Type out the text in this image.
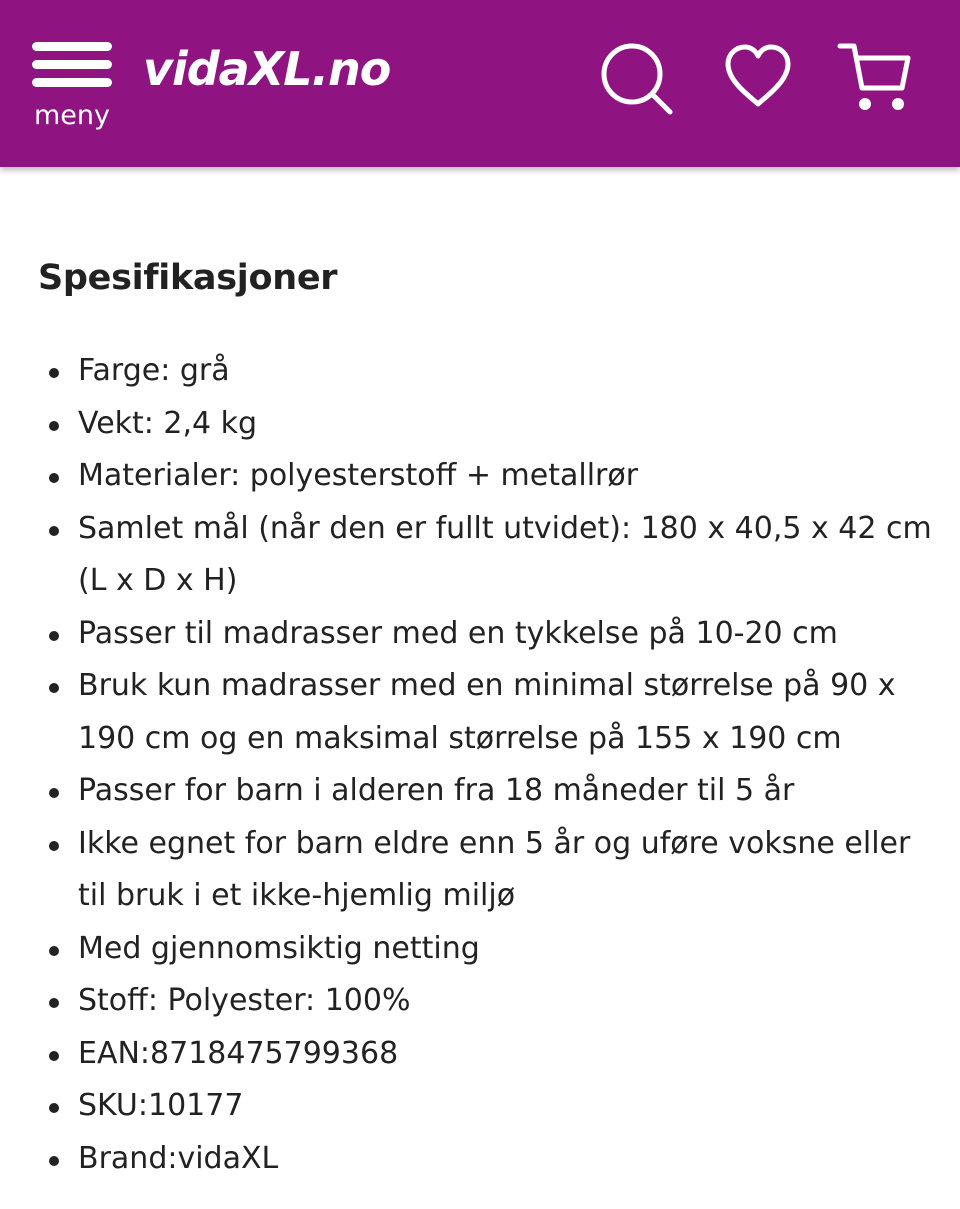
meny
vidaXL.no
Spesifikasjoner
Farge: grå
Vekt: 2,4 kg
Materialer: polyesterstoff + metallrør
Samlet mål (når den er fullt utvidet): 180 x 40,5 x 42 cm (L x D x H)
Passer til madrasser med en tykkelse på 10-20 cm
Bruk kun madrasser med en minimal størrelse på 90 x 190 cm og en maksimal størrelse på 155 x 190 cm
Passer for barn i alderen fra 18 måneder til 5 år
Ikke egnet for barn eldre enn 5 år og uføre voksne eller til bruk i et ikke-hjemlig miljø
Med gjennomsiktig netting
Stoff: Polyester: 100%
EAN:8718475799368
SKU:10177
Brand:vidaXL
